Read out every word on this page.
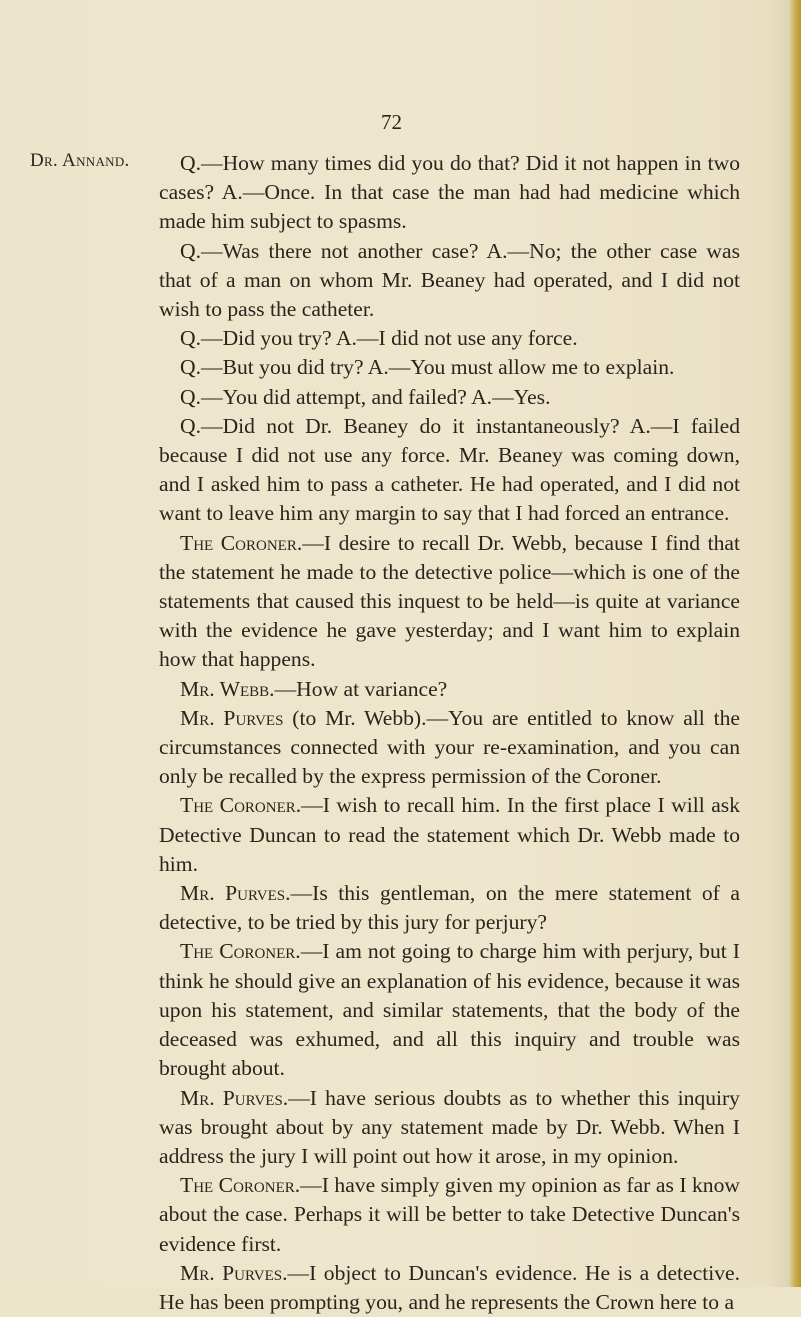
72
Dr. Annand.	Q.—How many times did you do that? Did it not happen in two cases? A.—Once. In that case the man had had medicine which made him subject to spasms.

Q.—Was there not another case? A.—No; the other case was that of a man on whom Mr. Beaney had operated, and I did not wish to pass the catheter.

Q.—Did you try? A.—I did not use any force.

Q.—But you did try? A.—You must allow me to explain.

Q.—You did attempt, and failed? A.—Yes.

Q.—Did not Dr. Beaney do it instantaneously? A.—I failed because I did not use any force. Mr. Beaney was coming down, and I asked him to pass a catheter. He had operated, and I did not want to leave him any margin to say that I had forced an entrance.

The Coroner.—I desire to recall Dr. Webb, because I find that the statement he made to the detective police—which is one of the statements that caused this inquest to be held—is quite at variance with the evidence he gave yesterday; and I want him to explain how that happens.

Mr. Webb.—How at variance?

Mr. Purves (to Mr. Webb).—You are entitled to know all the circumstances connected with your re-examination, and you can only be recalled by the express permission of the Coroner.

The Coroner.—I wish to recall him. In the first place I will ask Detective Duncan to read the statement which Dr. Webb made to him.

Mr. Purves.—Is this gentleman, on the mere statement of a detective, to be tried by this jury for perjury?

The Coroner.—I am not going to charge him with perjury, but I think he should give an explanation of his evidence, because it was upon his statement, and similar statements, that the body of the deceased was exhumed, and all this inquiry and trouble was brought about.

Mr. Purves.—I have serious doubts as to whether this inquiry was brought about by any statement made by Dr. Webb. When I address the jury I will point out how it arose, in my opinion.

The Coroner.—I have simply given my opinion as far as I know about the case. Perhaps it will be better to take Detective Duncan's evidence first.

Mr. Purves.—I object to Duncan's evidence. He is a detective. He has been prompting you, and he represents the Crown here to a
